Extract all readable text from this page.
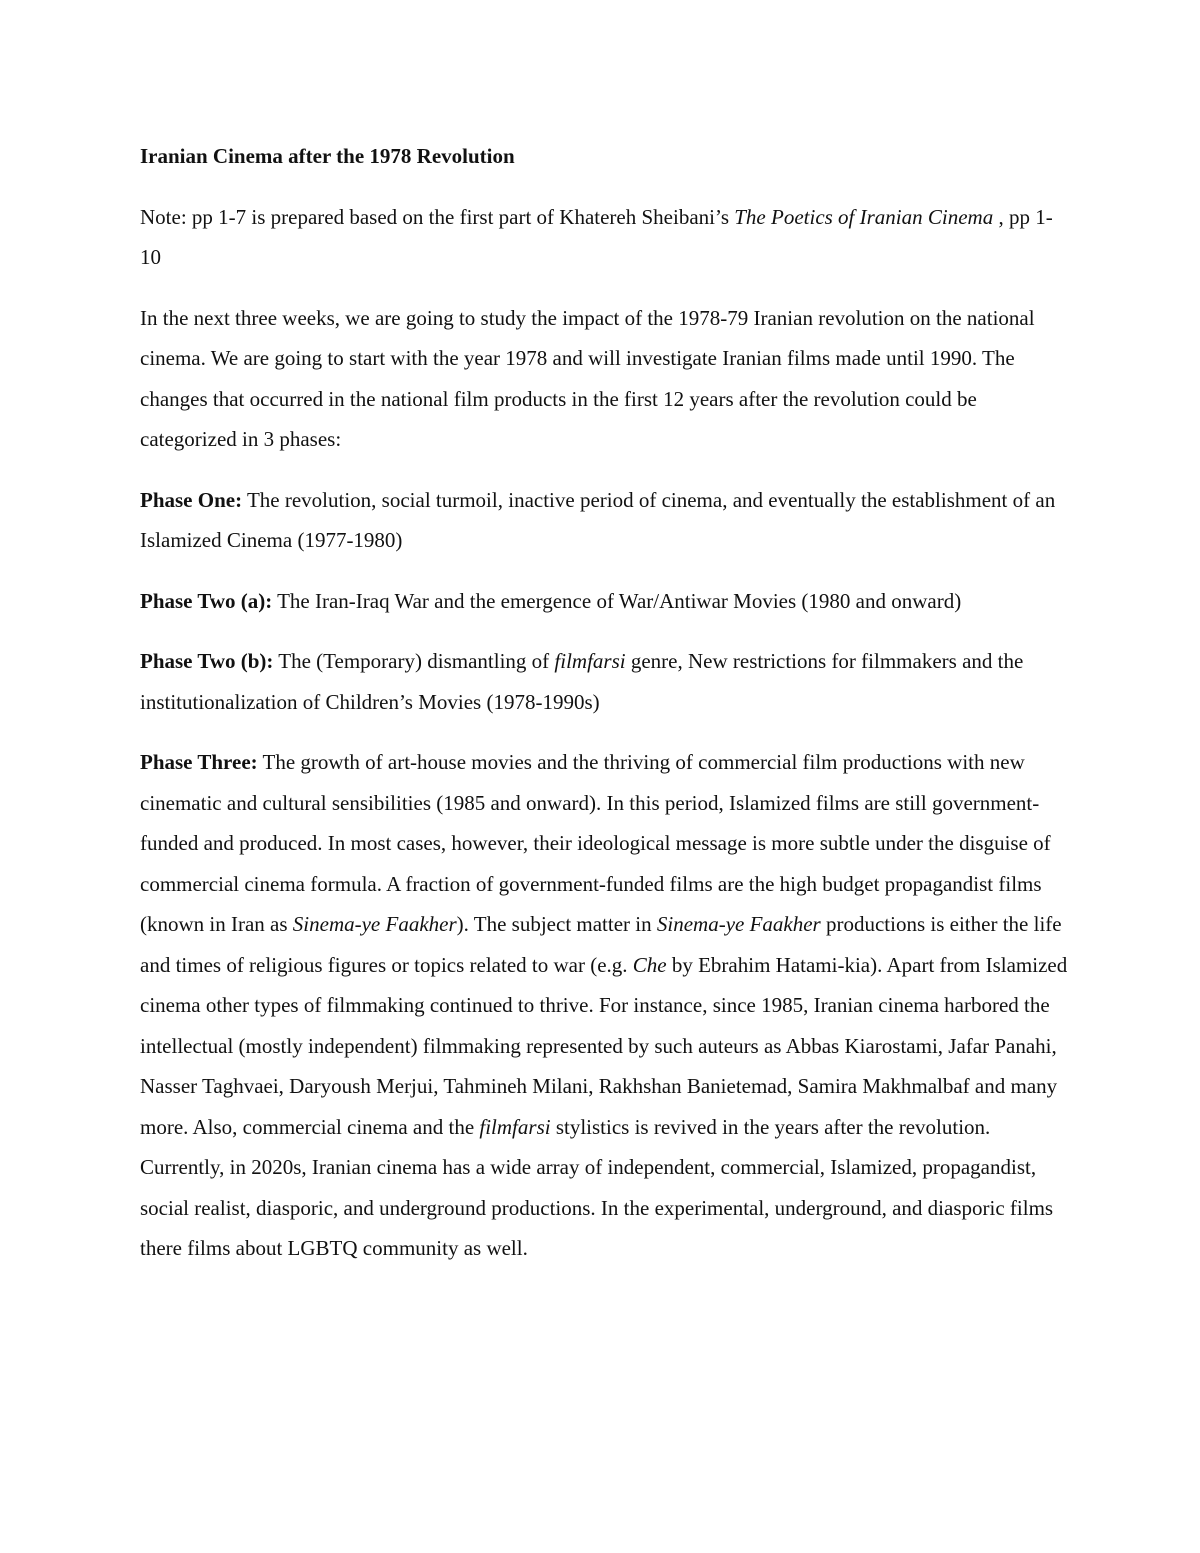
Iranian Cinema after the 1978 Revolution

Note: pp 1-7 is prepared based on the first part of Khatereh Sheibani’s The Poetics of Iranian Cinema , pp 1-10

In the next three weeks, we are going to study the impact of the 1978-79 Iranian revolution on the national cinema. We are going to start with the year 1978 and will investigate Iranian films made until 1990. The changes that occurred in the national film products in the first 12 years after the revolution could be categorized in 3 phases:

Phase One: The revolution, social turmoil, inactive period of cinema, and eventually the establishment of an Islamized Cinema (1977-1980)

Phase Two (a): The Iran-Iraq War and the emergence of War/Antiwar Movies (1980 and onward)

Phase Two (b): The (Temporary) dismantling of filmfarsi genre, New restrictions for filmmakers and the institutionalization of Children’s Movies (1978-1990s)

Phase Three: The growth of art-house movies and the thriving of commercial film productions with new cinematic and cultural sensibilities (1985 and onward). In this period, Islamized films are still government-funded and produced. In most cases, however, their ideological message is more subtle under the disguise of commercial cinema formula. A fraction of government-funded films are the high budget propagandist films (known in Iran as Sinema-ye Faakher). The subject matter in Sinema-ye Faakher productions is either the life and times of religious figures or topics related to war (e.g. Che by Ebrahim Hatami-kia). Apart from Islamized cinema other types of filmmaking continued to thrive. For instance, since 1985, Iranian cinema harbored the intellectual (mostly independent) filmmaking represented by such auteurs as Abbas Kiarostami, Jafar Panahi, Nasser Taghvaei, Daryoush Merjui, Tahmineh Milani, Rakhshan Banietemad, Samira Makhmalbaf and many more. Also, commercial cinema and the filmfarsi stylistics is revived in the years after the revolution. Currently, in 2020s, Iranian cinema has a wide array of independent, commercial, Islamized, propagandist, social realist, diasporic, and underground productions. In the experimental, underground, and diasporic films there films about LGBTQ community as well.
